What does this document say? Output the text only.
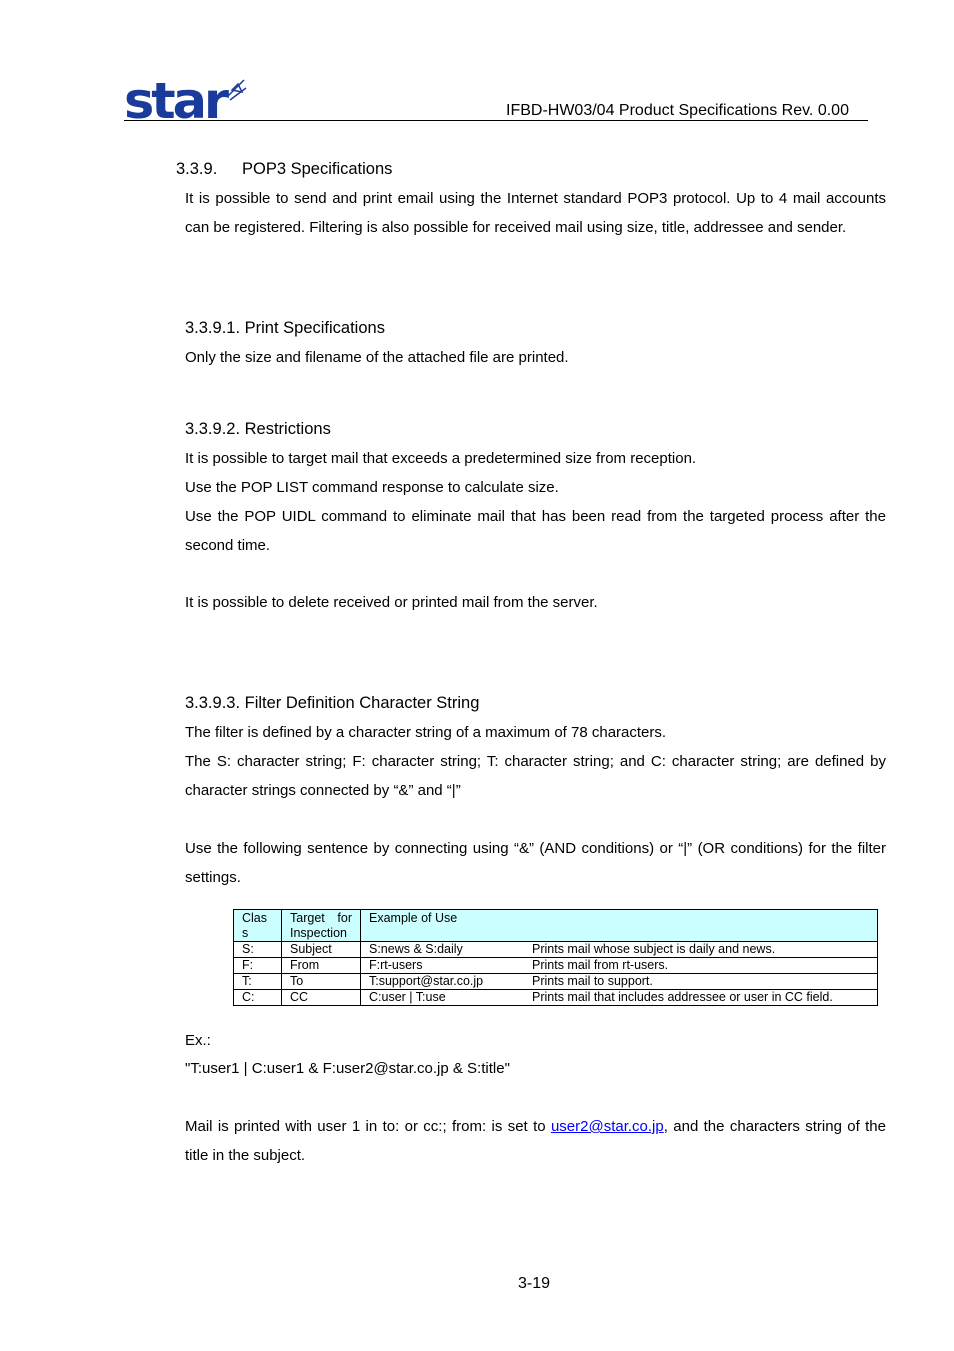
star	IFBD-HW03/04 Product Specifications Rev. 0.00
3.3.9. POP3 Specifications
It is possible to send and print email using the Internet standard POP3 protocol. Up to 4 mail accounts can be registered. Filtering is also possible for received mail using size, title, addressee and sender.
3.3.9.1. Print Specifications
Only the size and filename of the attached file are printed.
3.3.9.2. Restrictions
It is possible to target mail that exceeds a predetermined size from reception.
Use the POP LIST command response to calculate size.
Use the POP UIDL command to eliminate mail that has been read from the targeted process after the second time.
It is possible to delete received or printed mail from the server.
3.3.9.3. Filter Definition Character String
The filter is defined by a character string of a maximum of 78 characters.
The S: character string; F: character string; T: character string; and C: character string; are defined by character strings connected by “&” and “|”
Use the following sentence by connecting using “&” (AND conditions) or “|” (OR conditions) for the filter settings.
Clas s	Target for Inspection	Example of Use	
S:	Subject	S:news & S:daily	Prints mail whose subject is daily and news.
F:	From	F:rt-users	Prints mail from rt-users.
T:	To	T:support@star.co.jp	Prints mail to support.
C:	CC	C:user | T:use	Prints mail that includes addressee or user in CC field.
Ex.:
"T:user1 | C:user1 & F:user2@star.co.jp & S:title"
Mail is printed with user 1 in to: or cc:; from: is set to user2@star.co.jp, and the characters string of the title in the subject.
3-19
